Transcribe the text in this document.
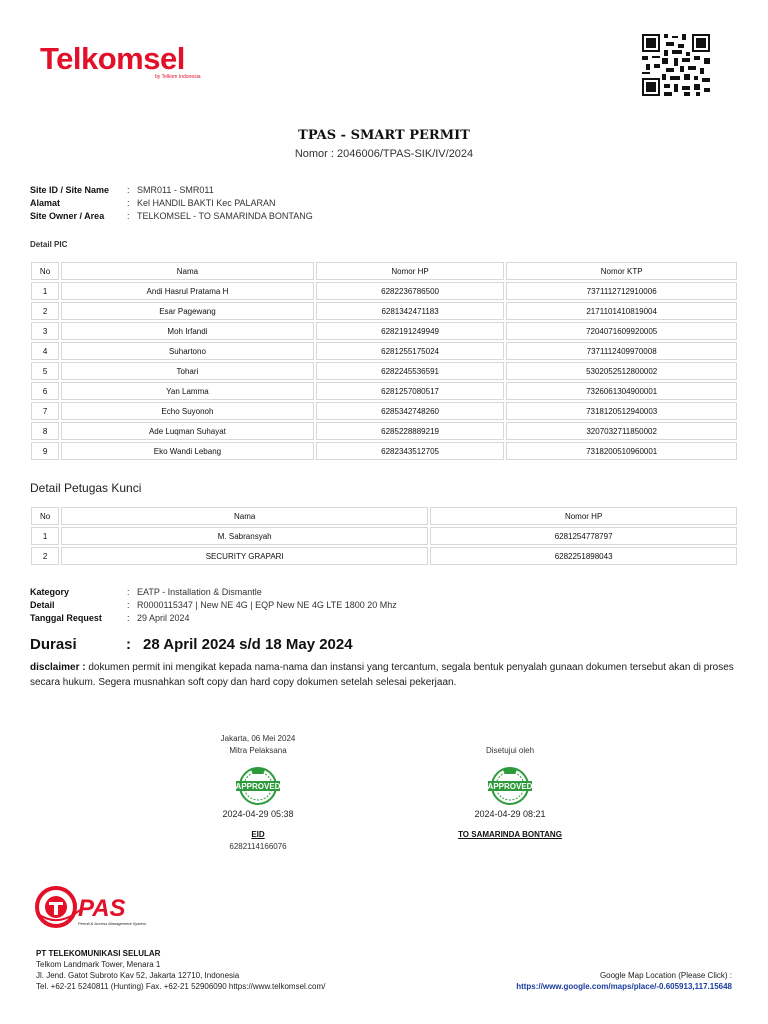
Telkomsel
by Telkom Indonesia
TPAS - SMART PERMIT
Nomor : 2046006/TPAS-SIK/IV/2024
Site ID / Site Name : SMR011 - SMR011
Alamat	: Kel HANDIL BAKTI Kec PALARAN
Site Owner / Area	: TELKOMSEL - TO SAMARINDA BONTANG
Detail PIC
No	Nama	Nomor HP	Nomor KTP
1	Andi Hasrul Pratama H	6282236786500	7371112712910006
2	Esar Pagewang	6281342471183	2171101410819004
3	Moh Irfandi	6282191249949	7204071609920005
4	Suhartono	6281255175024	7371112409970008
5	Tohari	6282245536591	5302052512800002
6	Yan Lamma	6281257080517	7326061304900001
7	Echo Suyonoh	6285342748260	7318120512940003
8	Ade Luqman Suhayat	6285228889219	3207032711850002
9	Eko Wandi Lebang	6282343512705	7318200510960001
Detail Petugas Kunci
No	Nama	Nomor HP
1	M. Sabransyah	6281254778797
2	SECURITY GRAPARI	6282251898043
Kategory	: EATP - Installation & Dismantle
Detail	: R0000115347 | New NE 4G | EQP New NE 4G LTE 1800 20 Mhz
Tanggal Request	: 29 April 2024
Durasi	: 28 April 2024 s/d 18 May 2024
disclaimer : dokumen permit ini mengikat kepada nama-nama dan instansi yang tercantum, segala bentuk penyalah gunaan dokumen tersebut akan di proses secara hukum. Segera musnahkan soft copy dan hard copy dokumen setelah selesai pekerjaan.
Jakarta, 06 Mei 2024
Mitra Pelaksana
APPROVED
2024-04-29 05:38
EID
6282114166076
Disetujui oleh
APPROVED
2024-04-29 08:21
TO SAMARINDA BONTANG
PAS
Permit & Access Management System
PT TELEKOMUNIKASI SELULAR
Telkom Landmark Tower, Menara 1
Jl. Jend. Gatot Subroto Kav 52, Jakarta 12710, Indonesia
Tel. +62-21 5240811 (Hunting) Fax. +62-21 52906090 https://www.telkomsel.com/
Google Map Location (Please Click) :
https://www.google.com/maps/place/-0.605913,117.15648
